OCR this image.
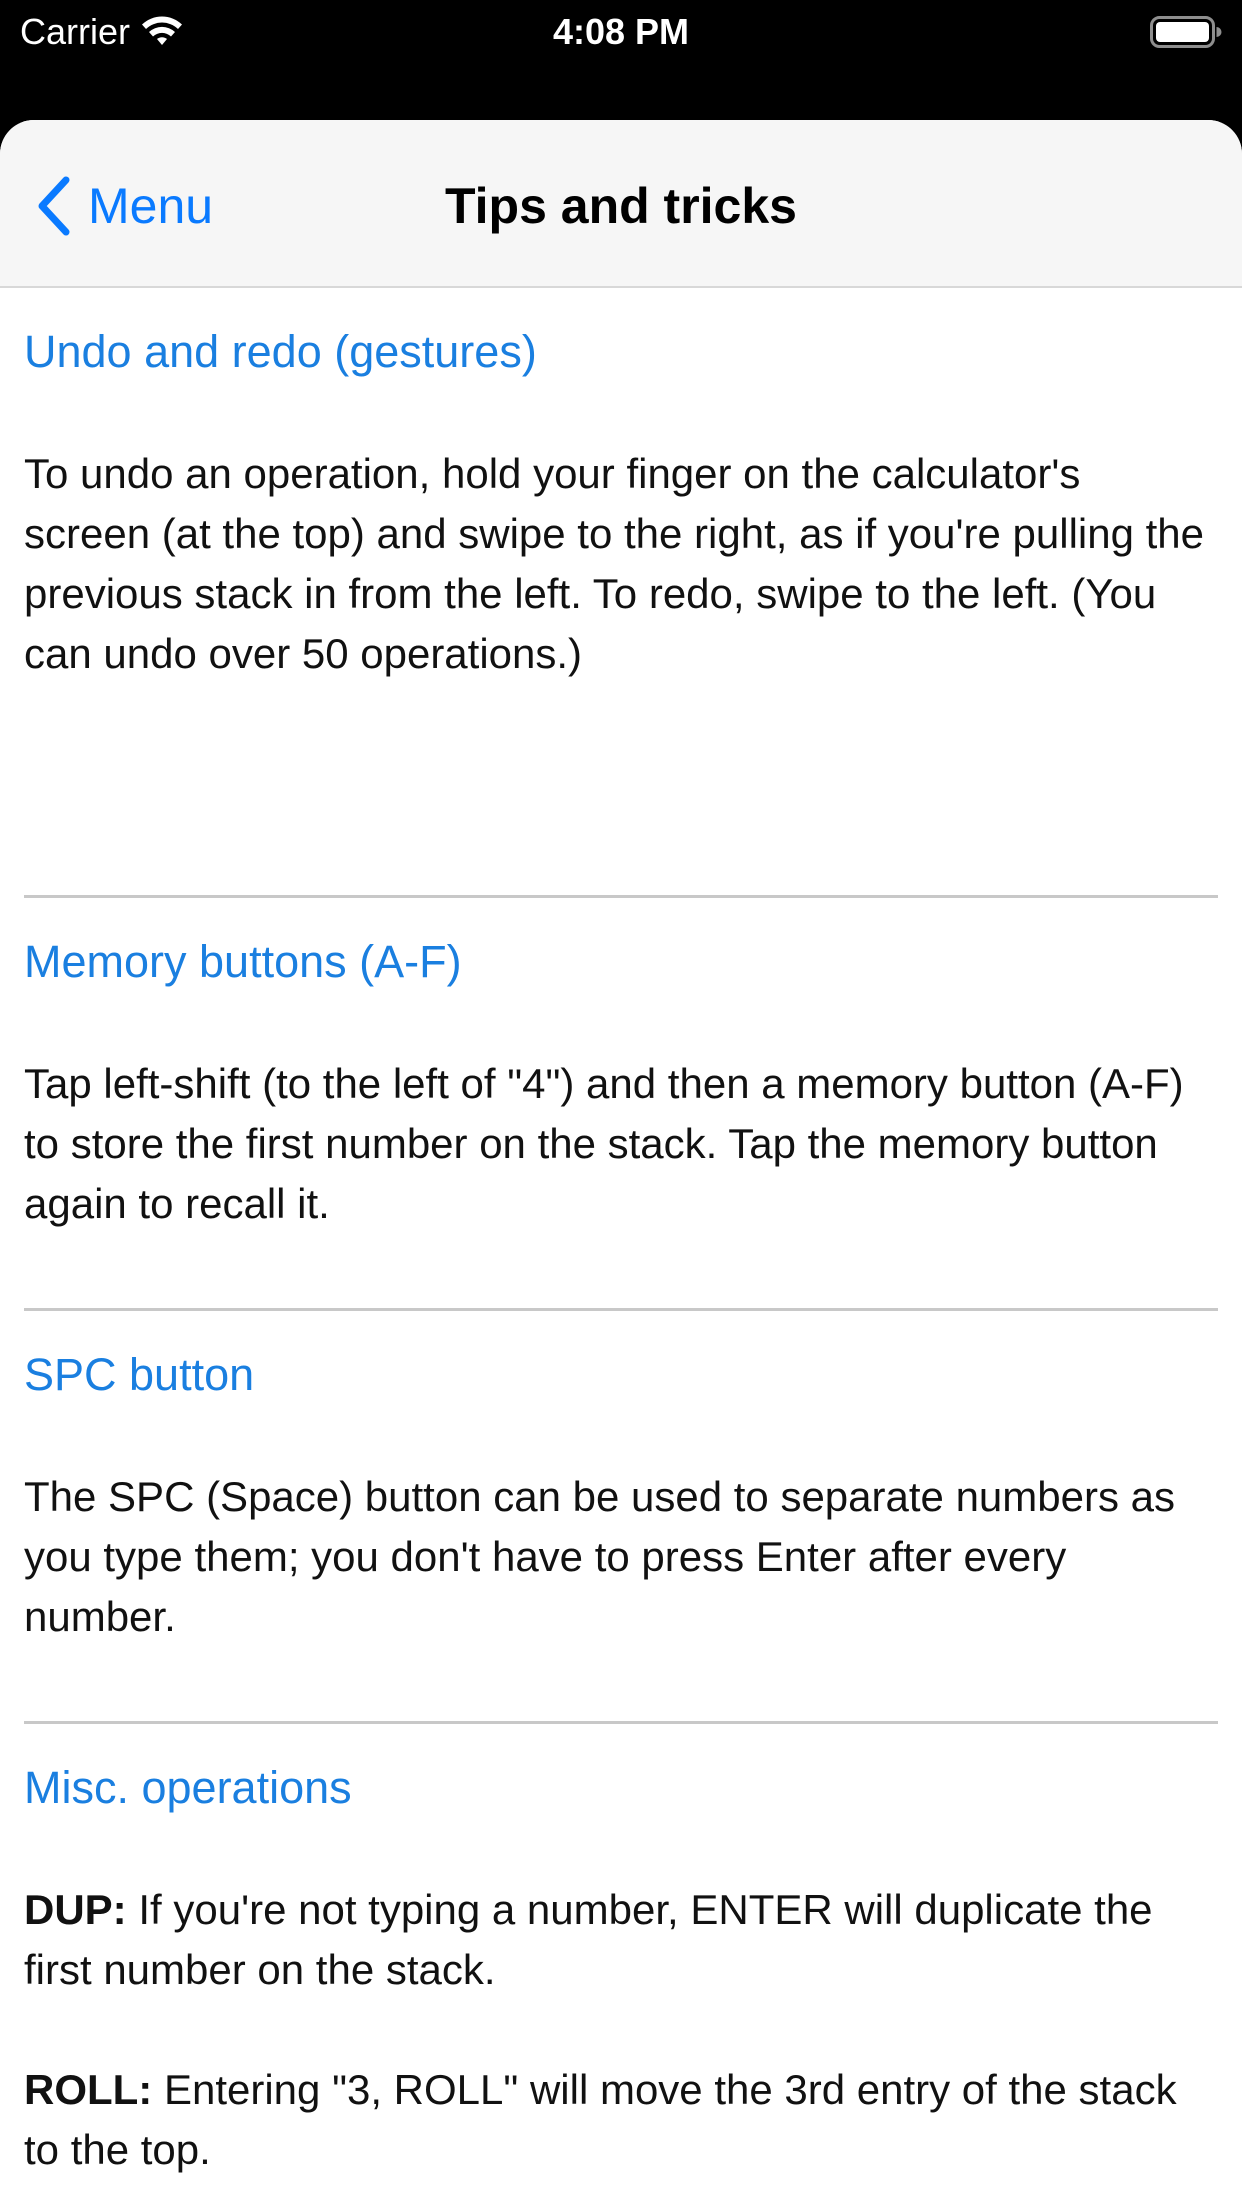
Carrier	4:08 PM
Menu	Tips and tricks
Undo and redo (gestures)
To undo an operation, hold your finger on the calculator's screen (at the top) and swipe to the right, as if you're pulling the previous stack in from the left. To redo, swipe to the left. (You can undo over 50 operations.)
Memory buttons (A-F)
Tap left-shift (to the left of "4") and then a memory button (A-F) to store the first number on the stack. Tap the memory button again to recall it.
SPC button
The SPC (Space) button can be used to separate numbers as you type them; you don't have to press Enter after every number.
Misc. operations
DUP: If you're not typing a number, ENTER will duplicate the first number on the stack.
ROLL: Entering "3, ROLL" will move the 3rd entry of the stack to the top.
